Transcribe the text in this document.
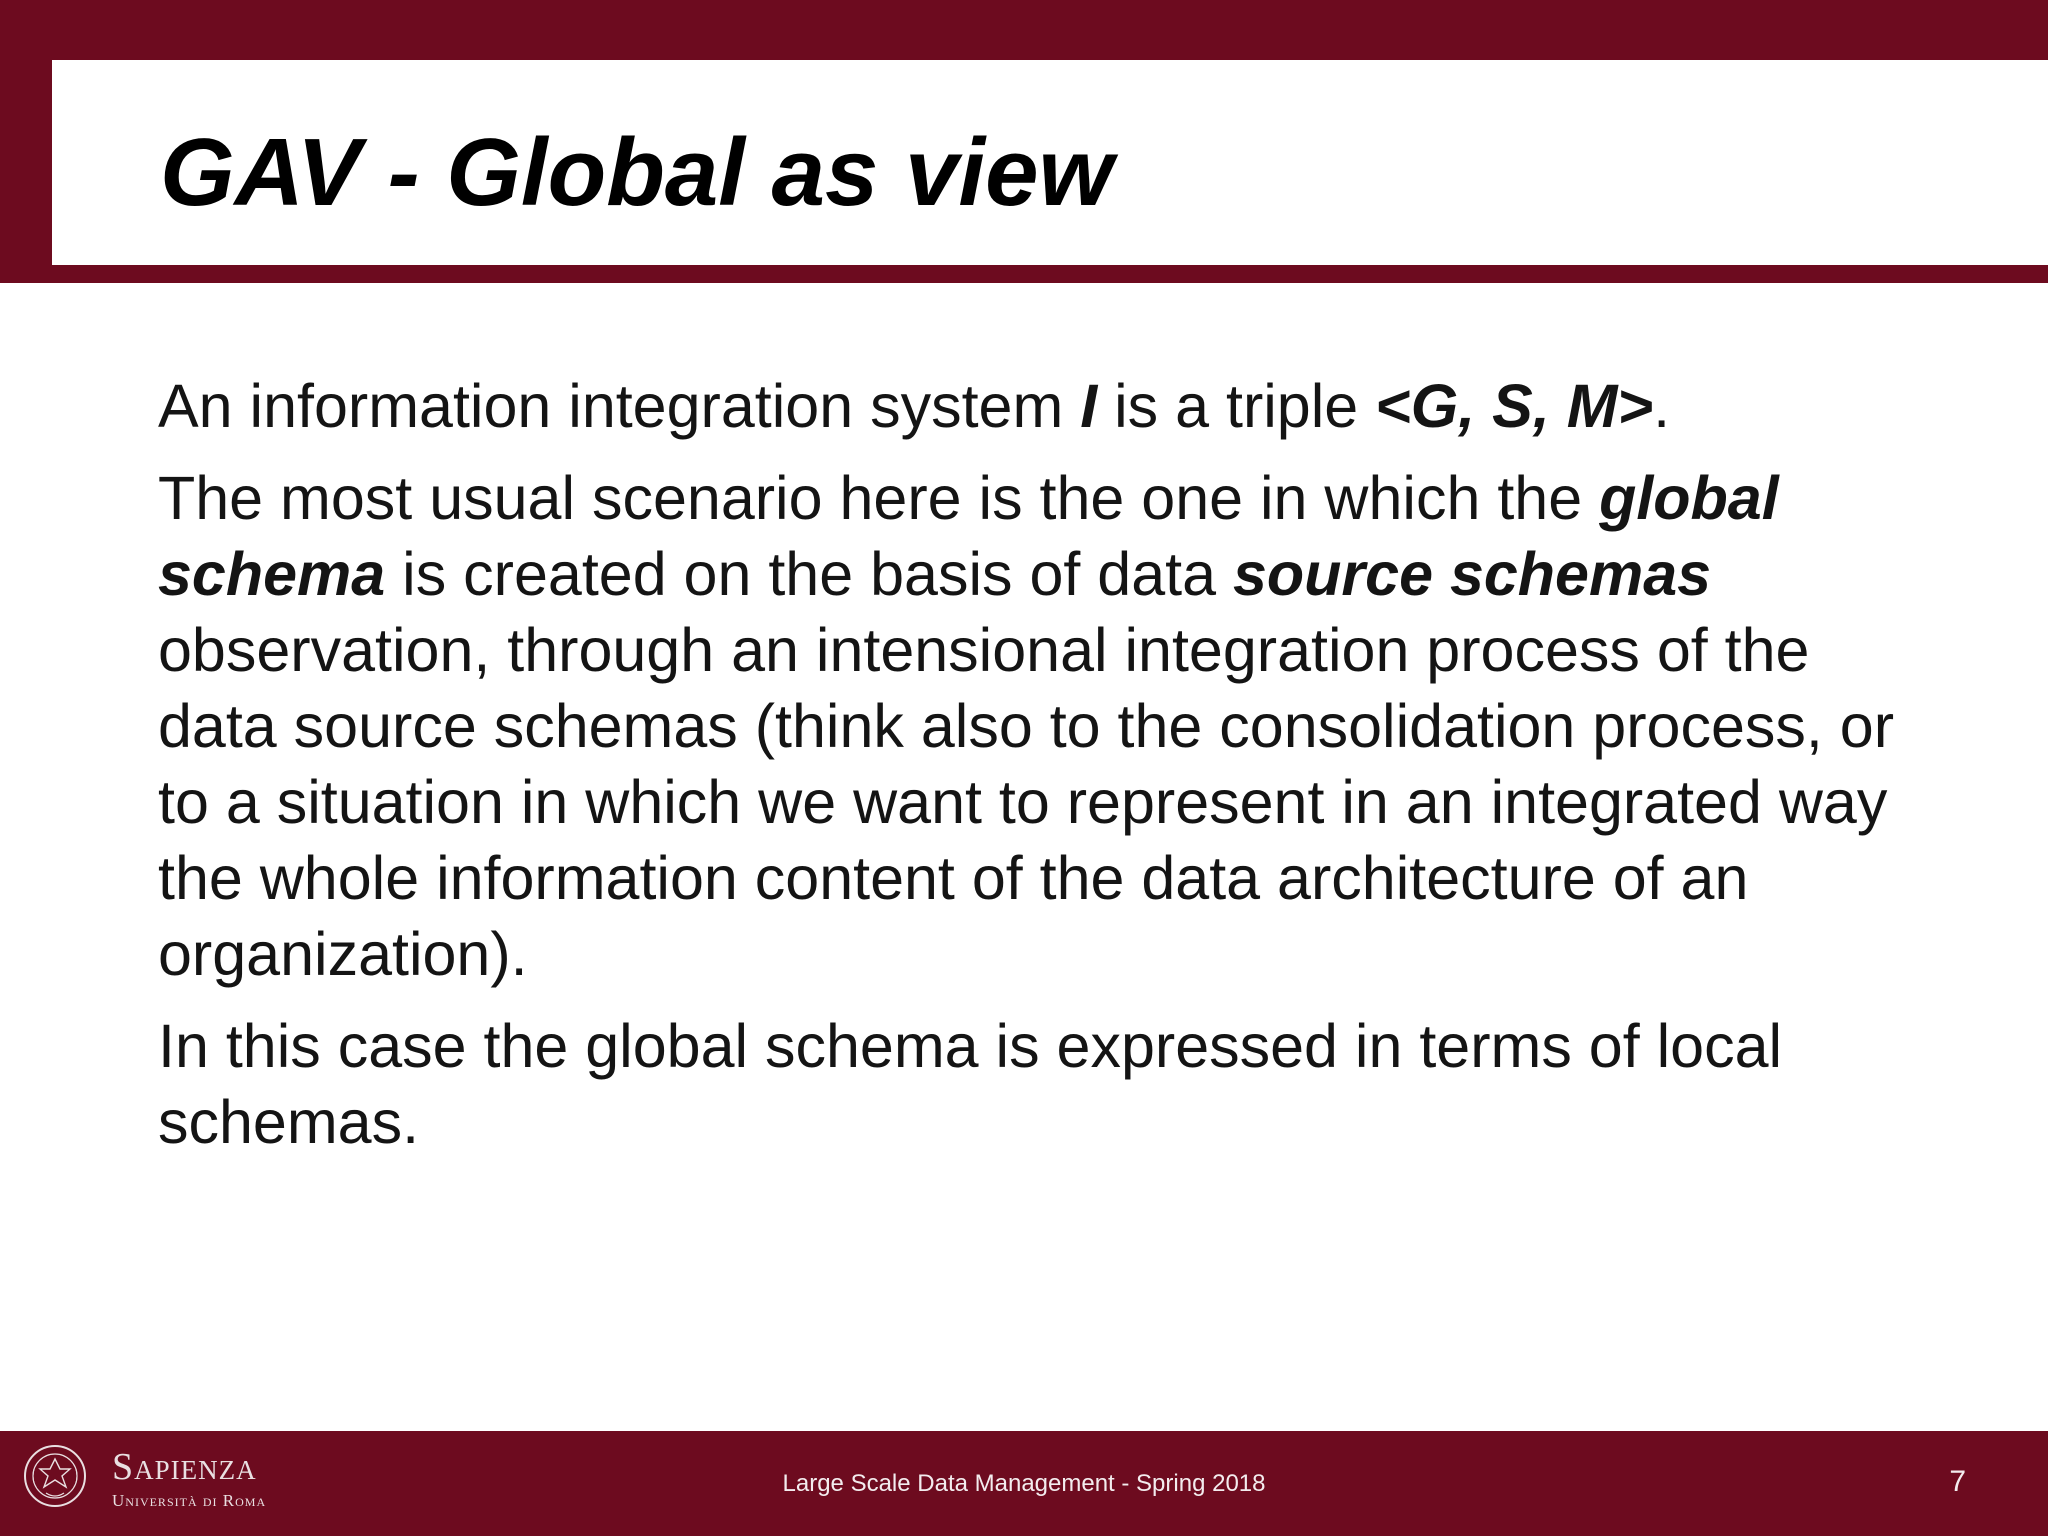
GAV - Global as view

An information integration system I is a triple <G, S, M>.

The most usual scenario here is the one in which the global schema is created on the basis of data source schemas observation, through an intensional integration process of the data source schemas (think also to the consolidation process, or to a situation in which we want to represent in an integrated way the whole information content of the data architecture of an organization).

In this case the global schema is expressed in terms of local schemas.

Sapienza
Università di Roma
Large Scale Data Management - Spring 2018	7
